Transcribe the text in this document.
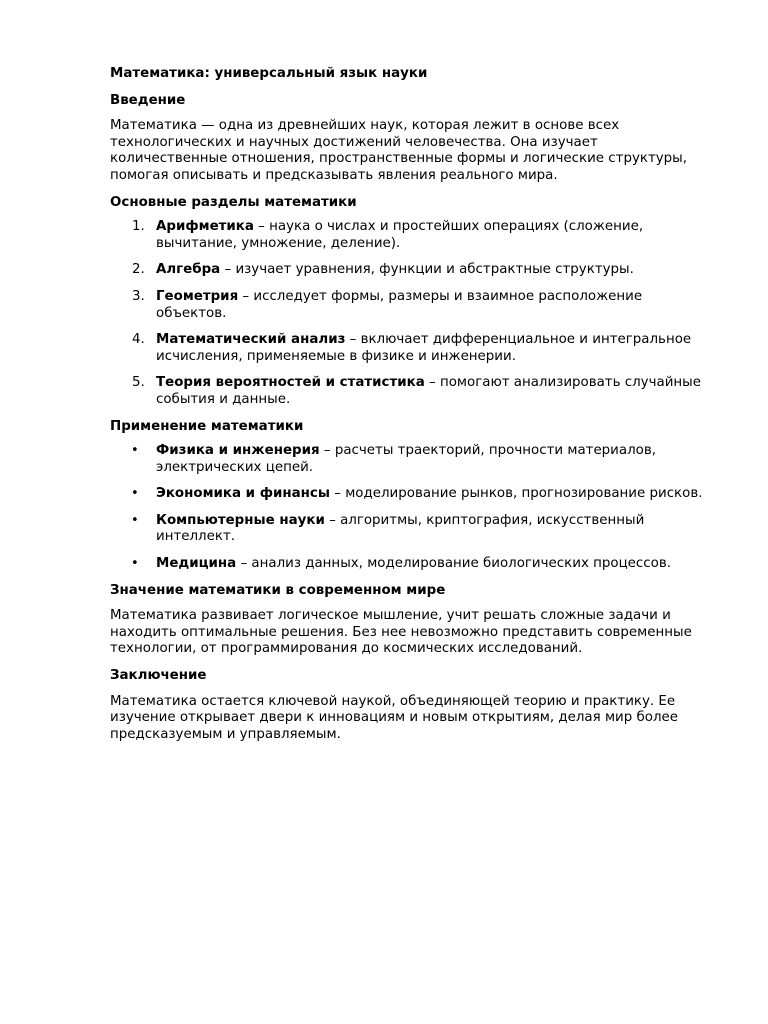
Математика: универсальный язык науки

Введение

Математика — одна из древнейших наук, которая лежит в основе всех технологических и научных достижений человечества. Она изучает количественные отношения, пространственные формы и логические структуры, помогая описывать и предсказывать явления реального мира.

Основные разделы математики

1. Арифметика – наука о числах и простейших операциях (сложение, вычитание, умножение, деление).
2. Алгебра – изучает уравнения, функции и абстрактные структуры.
3. Геометрия – исследует формы, размеры и взаимное расположение объектов.
4. Математический анализ – включает дифференциальное и интегральное исчисления, применяемые в физике и инженерии.
5. Теория вероятностей и статистика – помогают анализировать случайные события и данные.

Применение математики

• Физика и инженерия – расчеты траекторий, прочности материалов, электрических цепей.
• Экономика и финансы – моделирование рынков, прогнозирование рисков.
• Компьютерные науки – алгоритмы, криптография, искусственный интеллект.
• Медицина – анализ данных, моделирование биологических процессов.

Значение математики в современном мире

Математика развивает логическое мышление, учит решать сложные задачи и находить оптимальные решения. Без нее невозможно представить современные технологии, от программирования до космических исследований.

Заключение

Математика остается ключевой наукой, объединяющей теорию и практику. Ее изучение открывает двери к инновациям и новым открытиям, делая мир более предсказуемым и управляемым.
